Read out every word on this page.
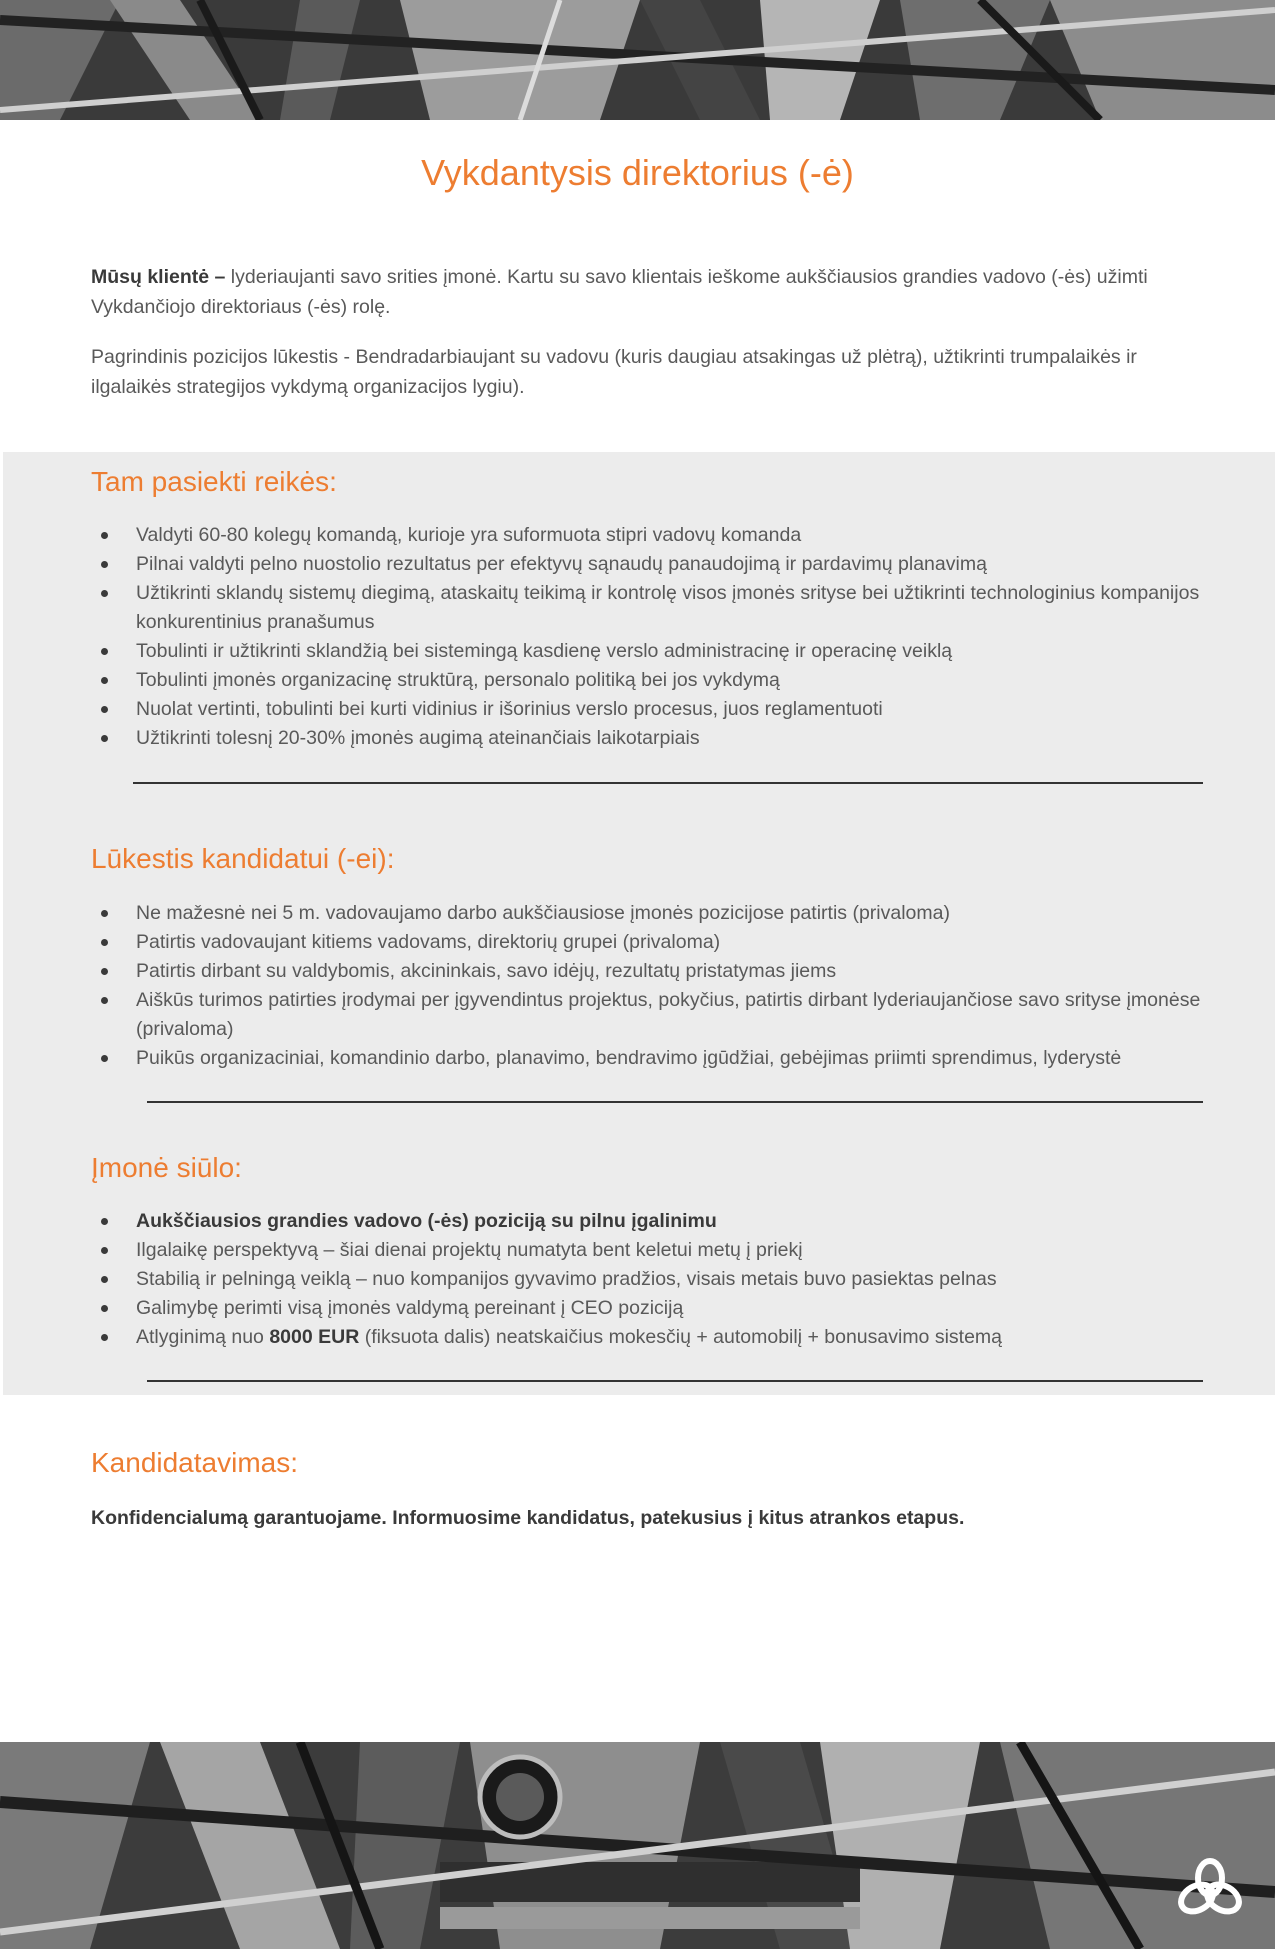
Vykdantysis direktorius (-ė)

Mūsų klientė – lyderiaujanti savo srities įmonė. Kartu su savo klientais ieškome aukščiausios grandies vadovo (-ės) užimti Vykdančiojo direktoriaus (-ės) rolę.

Pagrindinis pozicijos lūkestis - Bendradarbiaujant su vadovu (kuris daugiau atsakingas už plėtrą), užtikrinti trumpalaikės ir ilgalaikės strategijos vykdymą organizacijos lygiu).

Tam pasiekti reikės:
Valdyti 60-80 kolegų komandą, kurioje yra suformuota stipri vadovų komanda
Pilnai valdyti pelno nuostolio rezultatus per efektyvų sąnaudų panaudojimą ir pardavimų planavimą
Užtikrinti sklandų sistemų diegimą, ataskaitų teikimą ir kontrolę visos įmonės srityse bei užtikrinti technologinius kompanijos konkurentinius pranašumus
Tobulinti ir užtikrinti sklandžią bei sistemingą kasdienę verslo administracinę ir operacinę veiklą
Tobulinti įmonės organizacinę struktūrą, personalo politiką bei jos vykdymą
Nuolat vertinti, tobulinti bei kurti vidinius ir išorinius verslo procesus, juos reglamentuoti
Užtikrinti tolesnį 20-30% įmonės augimą ateinančiais laikotarpiais
Lūkestis kandidatui (-ei):
Ne mažesnė nei 5 m. vadovaujamo darbo aukščiausiose įmonės pozicijose patirtis (privaloma)
Patirtis vadovaujant kitiems vadovams, direktorių grupei (privaloma)
Patirtis dirbant su valdybomis, akcininkais, savo idėjų, rezultatų pristatymas jiems
Aiškūs turimos patirties įrodymai per įgyvendintus projektus, pokyčius, patirtis dirbant lyderiaujančiose savo srityse įmonėse (privaloma)
Puikūs organizaciniai, komandinio darbo, planavimo, bendravimo įgūdžiai, gebėjimas priimti sprendimus, lyderystė
Įmonė siūlo:
Aukščiausios grandies vadovo (-ės) poziciją su pilnu įgalinimu
Ilgalaikę perspektyvą – šiai dienai projektų numatyta bent keletui metų į priekį
Stabilią ir pelningą veiklą – nuo kompanijos gyvavimo pradžios, visais metais buvo pasiektas pelnas
Galimybę perimti visą įmonės valdymą pereinant į CEO poziciją
Atlyginimą nuo 8000 EUR (fiksuota dalis) neatskaičius mokesčių + automobilį + bonusavimo sistemą
Kandidatavimas:

Konfidencialumą garantuojame. Informuosime kandidatus, patekusius į kitus atrankos etapus.
